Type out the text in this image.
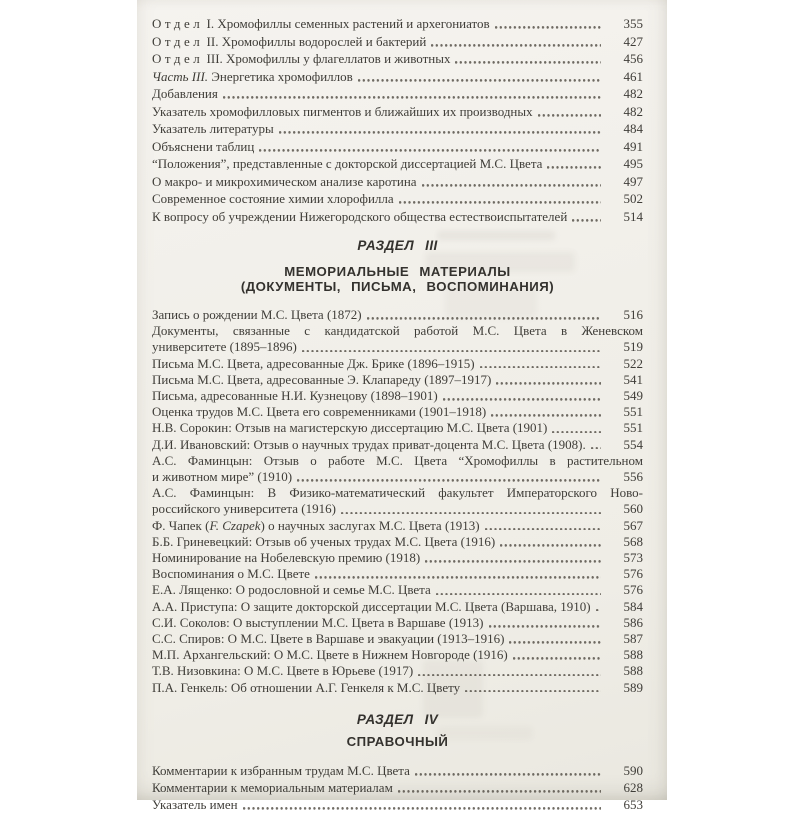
Отдел I. Хромофиллы семенных растений и архегониатов	355
Отдел II. Хромофиллы водорослей и бактерий	427
Отдел III. Хромофиллы у флагеллатов и животных	456
Часть III. Энергетика хромофиллов	461
Добавления	482
Указатель хромофилловых пигментов и ближайших их производных	482
Указатель литературы	484
Объяснени таблиц	491
“Положения”, представленные с докторской диссертацией М.С. Цвета	495
О макро- и микрохимическом анализе каротина	497
Современное состояние химии хлорофилла	502
К вопросу об учреждении Нижегородского общества естествоиспытателей	514
РАЗДЕЛ III
МЕМОРИАЛЬНЫЕ МАТЕРИАЛЫ
(ДОКУМЕНТЫ, ПИСЬМА, ВОСПОМИНАНИЯ)
Запись о рождении М.С. Цвета (1872)	516
Документы, связанные с кандидатской работой М.С. Цвета в Женевском
университете (1895–1896)	519
Письма М.С. Цвета, адресованные Дж. Брике (1896–1915)	522
Письма М.С. Цвета, адресованные Э. Клапареду (1897–1917)	541
Письма, адресованные Н.И. Кузнецову (1898–1901)	549
Оценка трудов М.С. Цвета его современниками (1901–1918)	551
Н.В. Сорокин: Отзыв на магистерскую диссертацию М.С. Цвета (1901)	551
Д.И. Ивановский: Отзыв о научных трудах приват-доцента М.С. Цвета (1908).	554
А.С. Фаминцын: Отзыв о работе М.С. Цвета “Хромофиллы в растительном
и животном мире” (1910)	556
А.С. Фаминцын: В Физико-математический факультет Императорского Ново-
российского университета (1916)	560
Ф. Чапек (F. Czapek) о научных заслугах М.С. Цвета (1913)	567
Б.Б. Гриневецкий: Отзыв об ученых трудах М.С. Цвета (1916)	568
Номинирование на Нобелевскую премию (1918)	573
Воспоминания о М.С. Цвете	576
Е.А. Лященко: О родословной и семье М.С. Цвета	576
А.А. Приступа: О защите докторской диссертации М.С. Цвета (Варшава, 1910)	584
С.И. Соколов: О выступлении М.С. Цвета в Варшаве (1913)	586
С.С. Спиров: О М.С. Цвете в Варшаве и эвакуации (1913–1916)	587
М.П. Архангельский: О М.С. Цвете в Нижнем Новгороде (1916)	588
Т.В. Низовкина: О М.С. Цвете в Юрьеве (1917)	588
П.А. Генкель: Об отношении А.Г. Генкеля к М.С. Цвету	589
РАЗДЕЛ IV
СПРАВОЧНЫЙ
Комментарии к избранным трудам М.С. Цвета	590
Комментарии к мемориальным материалам	628
Указатель имен	653
